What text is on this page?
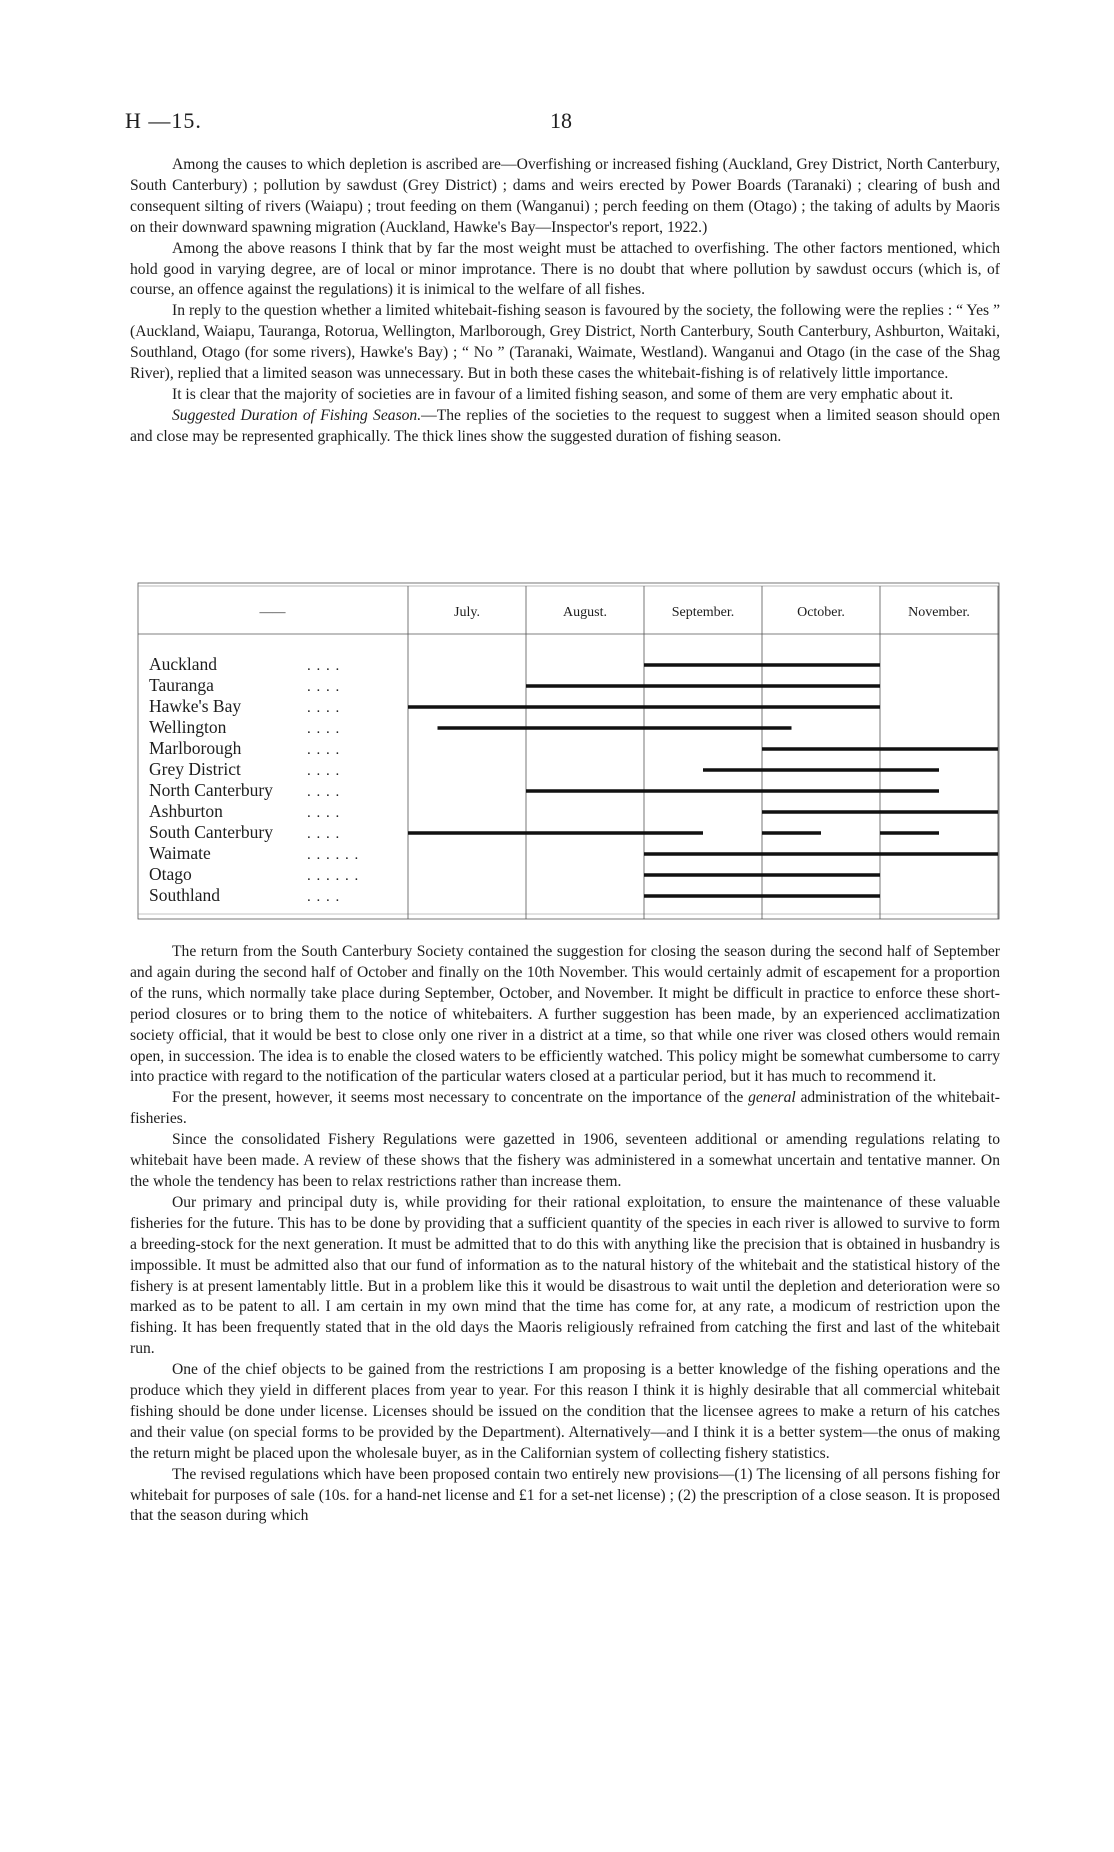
H —15.	18

Among the causes to which depletion is ascribed are—Overfishing or increased fishing (Auckland, Grey District, North Canterbury, South Canterbury) ; pollution by sawdust (Grey District) ; dams and weirs erected by Power Boards (Taranaki) ; clearing of bush and consequent silting of rivers (Waiapu) ; trout feeding on them (Wanganui) ; perch feeding on them (Otago) ; the taking of adults by Maoris on their downward spawning migration (Auckland, Hawke's Bay—Inspector's report, 1922.)

Among the above reasons I think that by far the most weight must be attached to overfishing. The other factors mentioned, which hold good in varying degree, are of local or minor improtance. There is no doubt that where pollution by sawdust occurs (which is, of course, an offence against the regulations) it is inimical to the welfare of all fishes.

In reply to the question whether a limited whitebait-fishing season is favoured by the society, the following were the replies : “ Yes ” (Auckland, Waiapu, Tauranga, Rotorua, Wellington, Marlborough, Grey District, North Canterbury, South Canterbury, Ashburton, Waitaki, Southland, Otago (for some rivers), Hawke's Bay) ; “ No ” (Taranaki, Waimate, Westland). Wanganui and Otago (in the case of the Shag River), replied that a limited season was unnecessary. But in both these cases the whitebait-fishing is of relatively little importance.

It is clear that the majority of societies are in favour of a limited fishing season, and some of them are very emphatic about it.

Suggested Duration of Fishing Season.—The replies of the societies to the request to suggest when a limited season should open and close may be represented graphically. The thick lines show the suggested duration of fishing season.

——	July.	August.	September.	October.	November.
Auckland	. . . .
Tauranga	. . . .
Hawke's Bay	. . . .
Wellington	. . . .
Marlborough	. . . .
Grey District	. . . .
North Canterbury . . . .
Ashburton	. . . .
South Canterbury . . . .
Waimate	. . . . . .
Otago	. . . . . .
Southland	. . . .

The return from the South Canterbury Society contained the suggestion for closing the season during the second half of September and again during the second half of October and finally on the 10th November. This would certainly admit of escapement for a proportion of the runs, which normally take place during September, October, and November. It might be difficult in practice to enforce these short-period closures or to bring them to the notice of whitebaiters. A further suggestion has been made, by an experienced acclimatization society official, that it would be best to close only one river in a district at a time, so that while one river was closed others would remain open, in succession. The idea is to enable the closed waters to be efficiently watched. This policy might be somewhat cumbersome to carry into practice with regard to the notification of the particular waters closed at a particular period, but it has much to recommend it.

For the present, however, it seems most necessary to concentrate on the importance of the general administration of the whitebait-fisheries.

Since the consolidated Fishery Regulations were gazetted in 1906, seventeen additional or amending regulations relating to whitebait have been made. A review of these shows that the fishery was administered in a somewhat uncertain and tentative manner. On the whole the tendency has been to relax restrictions rather than increase them.

Our primary and principal duty is, while providing for their rational exploitation, to ensure the maintenance of these valuable fisheries for the future. This has to be done by providing that a sufficient quantity of the species in each river is allowed to survive to form a breeding-stock for the next generation. It must be admitted that to do this with anything like the precision that is obtained in husbandry is impossible. It must be admitted also that our fund of information as to the natural history of the whitebait and the statistical history of the fishery is at present lamentably little. But in a problem like this it would be disastrous to wait until the depletion and deterioration were so marked as to be patent to all. I am certain in my own mind that the time has come for, at any rate, a modicum of restriction upon the fishing. It has been frequently stated that in the old days the Maoris religiously refrained from catching the first and last of the whitebait run.

One of the chief objects to be gained from the restrictions I am proposing is a better knowledge of the fishing operations and the produce which they yield in different places from year to year. For this reason I think it is highly desirable that all commercial whitebait fishing should be done under license. Licenses should be issued on the condition that the licensee agrees to make a return of his catches and their value (on special forms to be provided by the Department). Alternatively—and I think it is a better system—the onus of making the return might be placed upon the wholesale buyer, as in the Californian system of collecting fishery statistics.

The revised regulations which have been proposed contain two entirely new provisions—(1) The licensing of all persons fishing for whitebait for purposes of sale (10s. for a hand-net license and £1 for a set-net license) ; (2) the prescription of a close season. It is proposed that the season during which
